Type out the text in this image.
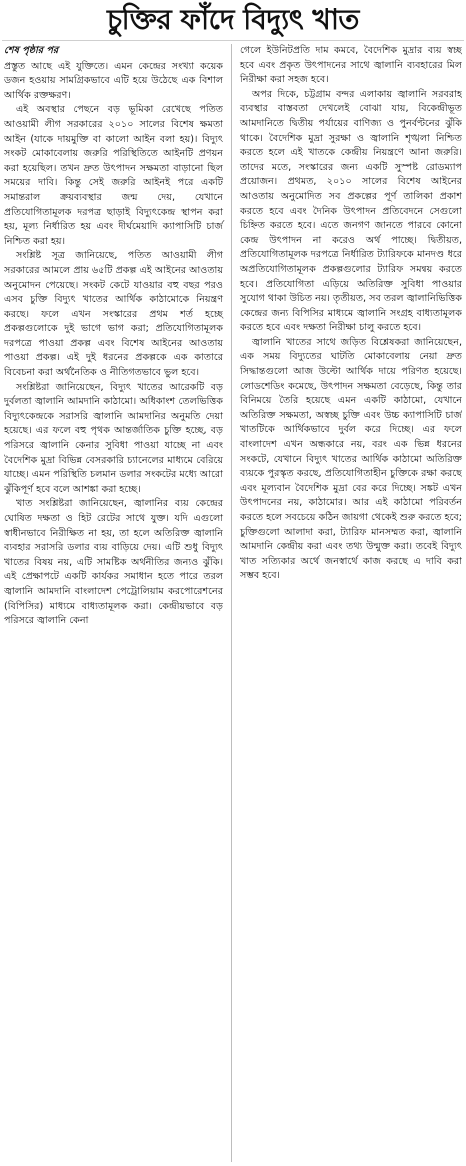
চুক্তির ফাঁদে বিদ্যুৎ খাত
শেষ পৃষ্ঠার পর

প্রস্তুত আছে এই যুক্তিতে। এমন কেন্দ্রের সংখ্যা কয়েক ডজন হওয়ায় সামগ্রিকভাবে এটি হয়ে উঠেছে এক বিশাল আর্থিক রক্তক্ষরণ।

এই অবস্থার পেছনে বড় ভূমিকা রেখেছে পতিত আওয়ামী লীগ সরকারের ২০১০ সালের বিশেষ ক্ষমতা আইন (যাকে দায়মুক্তি বা কালো আইন বলা হয়)। বিদ্যুৎ সংকট মোকাবেলায় জরুরি পরিস্থিতিতে আইনটি প্রণয়ন করা হয়েছিল। তখন দ্রুত উৎপাদন সক্ষমতা বাড়ানো ছিল সময়ের দাবি। কিন্তু সেই জরুরি আইনই পরে একটি সমান্তরাল ক্রয়ব্যবস্থার জন্ম দেয়, যেখানে প্রতিযোগিতামূলক দরপত্র ছাড়াই বিদ্যুৎকেন্দ্র স্থাপন করা হয়, মূল্য নির্ধারিত হয় এবং দীর্ঘমেয়াদি ক্যাপাসিটি চার্জ নিশ্চিত করা হয়।

সংশ্লিষ্ট সূত্র জানিয়েছে, পতিত আওয়ামী লীগ সরকারের আমলে প্রায় ৬৫টি প্রকল্প এই আইনের আওতায় অনুমোদন পেয়েছে। সংকট কেটে যাওয়ার বহু বছর পরও এসব চুক্তি বিদ্যুৎ খাতের আর্থিক কাঠামোকে নিয়ন্ত্রণ করছে। ফলে এখন সংস্কারের প্রথম শর্ত হচ্ছে প্রকল্পগুলোকে দুই ভাগে ভাগ করা; প্রতিযোগিতামূলক দরপত্রে পাওয়া প্রকল্প এবং বিশেষ আইনের আওতায় পাওয়া প্রকল্প। এই দুই ধরনের প্রকল্পকে এক কাতারে বিবেচনা করা অর্থনৈতিক ও নীতিগতভাবে ভুল হবে।

সংশ্লিষ্টরা জানিয়েছেন, বিদ্যুৎ খাতের আরেকটি বড় দুর্বলতা জ্বালানি আমদানি কাঠামো। অধিকাংশ তেলভিত্তিক বিদ্যুৎকেন্দ্রকে সরাসরি জ্বালানি আমদানির অনুমতি দেয়া হয়েছে। এর ফলে বহু পৃথক আন্তর্জাতিক চুক্তি হচ্ছে, বড় পরিসরে জ্বালানি কেনার সুবিধা পাওয়া যাচ্ছে না এবং বৈদেশিক মুদ্রা বিভিন্ন বেসরকারি চ্যানেলের মাধ্যমে বেরিয়ে যাচ্ছে। এমন পরিস্থিতি চলমান ডলার সংকটের মধ্যে আরো ঝুঁকিপূর্ণ হবে বলে আশঙ্কা করা হচ্ছে।

খাত সংশ্লিষ্টরা জানিয়েছেন, জ্বালানির ব্যয় কেন্দ্রের ঘোষিত দক্ষতা ও হিট রেটের সাথে যুক্ত। যদি এগুলো স্বাধীনভাবে নিরীক্ষিত না হয়, তা হলে অতিরিক্ত জ্বালানি ব্যবহার সরাসরি ডলার ব্যয় বাড়িয়ে দেয়। এটি শুধু বিদ্যুৎ খাতের বিষয় নয়, এটি সামষ্টিক অর্থনীতির জন্যও ঝুঁকি। এই প্রেক্ষাপটে একটি কার্যকর সমাধান হতে পারে তরল জ্বালানি আমদানি বাংলাদেশ পেট্রোলিয়াম করপোরেশনের (বিপিসির) মাধ্যমে বাধ্যতামূলক করা। কেন্দ্রীয়ভাবে বড় পরিসরে জ্বালানি কেনা

গেলে ইউনিটপ্রতি দাম কমবে, বৈদেশিক মুদ্রার ব্যয় স্বচ্ছ হবে এবং প্রকৃত উৎপাদনের সাথে জ্বালানি ব্যবহারের মিল নিরীক্ষা করা সহজ হবে।

অপর দিকে, চট্টগ্রাম বন্দর এলাকায় জ্বালানি সরবরাহ ব্যবস্থার বাস্তবতা দেখলেই বোঝা যায়, বিকেন্দ্রীভূত আমদানিতে দ্বিতীয় পর্যায়ের বাণিজ্য ও পুনর্বণ্টনের ঝুঁকি থাকে। বৈদেশিক মুদ্রা সুরক্ষা ও জ্বালানি শৃঙ্খলা নিশ্চিত করতে হলে এই খাতকে কেন্দ্রীয় নিয়ন্ত্রণে আনা জরুরি। তাদের মতে, সংস্কারের জন্য একটি সুস্পষ্ট রোডম্যাপ প্রয়োজন। প্রথমত, ২০১০ সালের বিশেষ আইনের আওতায় অনুমোদিত সব প্রকল্পের পূর্ণ তালিকা প্রকাশ করতে হবে এবং দৈনিক উৎপাদন প্রতিবেদনে সেগুলো চিহ্নিত করতে হবে। এতে জনগণ জানতে পারবে কোনো কেন্দ্র উৎপাদন না করেও অর্থ পাচ্ছে। দ্বিতীয়ত, প্রতিযোগিতামূলক দরপত্রে নির্ধারিত ট্যারিফকে মানদণ্ড ধরে অপ্রতিযোগিতামূলক প্রকল্পগুলোর ট্যারিফ সমন্বয় করতে হবে। প্রতিযোগিতা এড়িয়ে অতিরিক্ত সুবিধা পাওয়ার সুযোগ থাকা উচিত নয়। তৃতীয়ত, সব তরল জ্বালানিভিত্তিক কেন্দ্রের জন্য বিপিসির মাধ্যমে জ্বালানি সংগ্রহ বাধ্যতামূলক করতে হবে এবং দক্ষতা নিরীক্ষা চালু করতে হবে।

জ্বালানি খাতের সাথে জড়িত বিশ্লেষকরা জানিয়েছেন, এক সময় বিদ্যুতের ঘাটতি মোকাবেলায় নেয়া দ্রুত সিদ্ধান্তগুলো আজ উল্টো আর্থিক দায়ে পরিণত হয়েছে। লোডশেডিং কমেছে, উৎপাদন সক্ষমতা বেড়েছে, কিন্তু তার বিনিময়ে তৈরি হয়েছে এমন একটি কাঠামো, যেখানে অতিরিক্ত সক্ষমতা, অস্বচ্ছ চুক্তি এবং উচ্চ ক্যাপাসিটি চার্জ খাতটিকে আর্থিকভাবে দুর্বল করে দিচ্ছে। এর ফলে বাংলাদেশ এখন অন্ধকারে নয়, বরং এক ভিন্ন ধরনের সংকটে, যেখানে বিদ্যুৎ খাতের আর্থিক কাঠামো অতিরিক্ত ব্যয়কে পুরস্কৃত করছে, প্রতিযোগিতাহীন চুক্তিকে রক্ষা করছে এবং মূল্যবান বৈদেশিক মুদ্রা বের করে দিচ্ছে। সঙ্কট এখন উৎপাদনের নয়, কাঠামোর। আর এই কাঠামো পরিবর্তন করতে হলে সবচেয়ে কঠিন জায়গা থেকেই শুরু করতে হবে; চুক্তিগুলো আলাদা করা, ট্যারিফ মানসম্মত করা, জ্বালানি আমদানি কেন্দ্রীয় করা এবং তথ্য উন্মুক্ত করা। তবেই বিদ্যুৎ খাত সত্যিকার অর্থে জনস্বার্থে কাজ করছে এ দাবি করা সম্ভব হবে।
